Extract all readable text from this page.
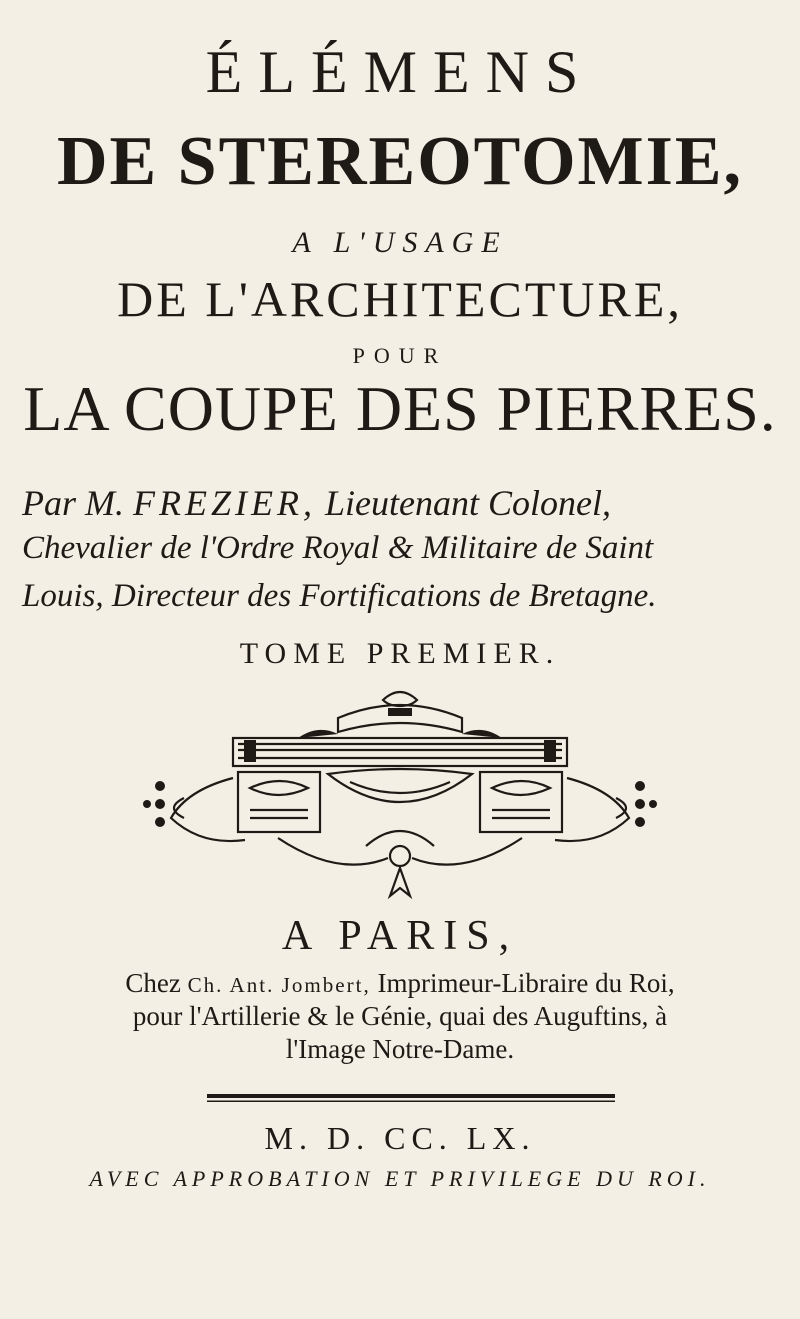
ÉLÉMENS
DE STEREOTOMIE,
A L'USAGE
DE L'ARCHITECTURE,
POUR
LA COUPE DES PIERRES.
Par M. FREZIER, Lieutenant Colonel,
Chevalier de l'Ordre Royal & Militaire de Saint
Louis, Directeur des Fortifications de Bretagne.
TOME PREMIER.
A PARIS,
Chez Ch. Ant. Jombert, Imprimeur-Libraire du Roi,
pour l'Artillerie & le Génie, quai des Auguftins, à
l'Image Notre-Dame.
M. D. CC. LX.
AVEC APPROBATION ET PRIVILEGE DU ROI.
